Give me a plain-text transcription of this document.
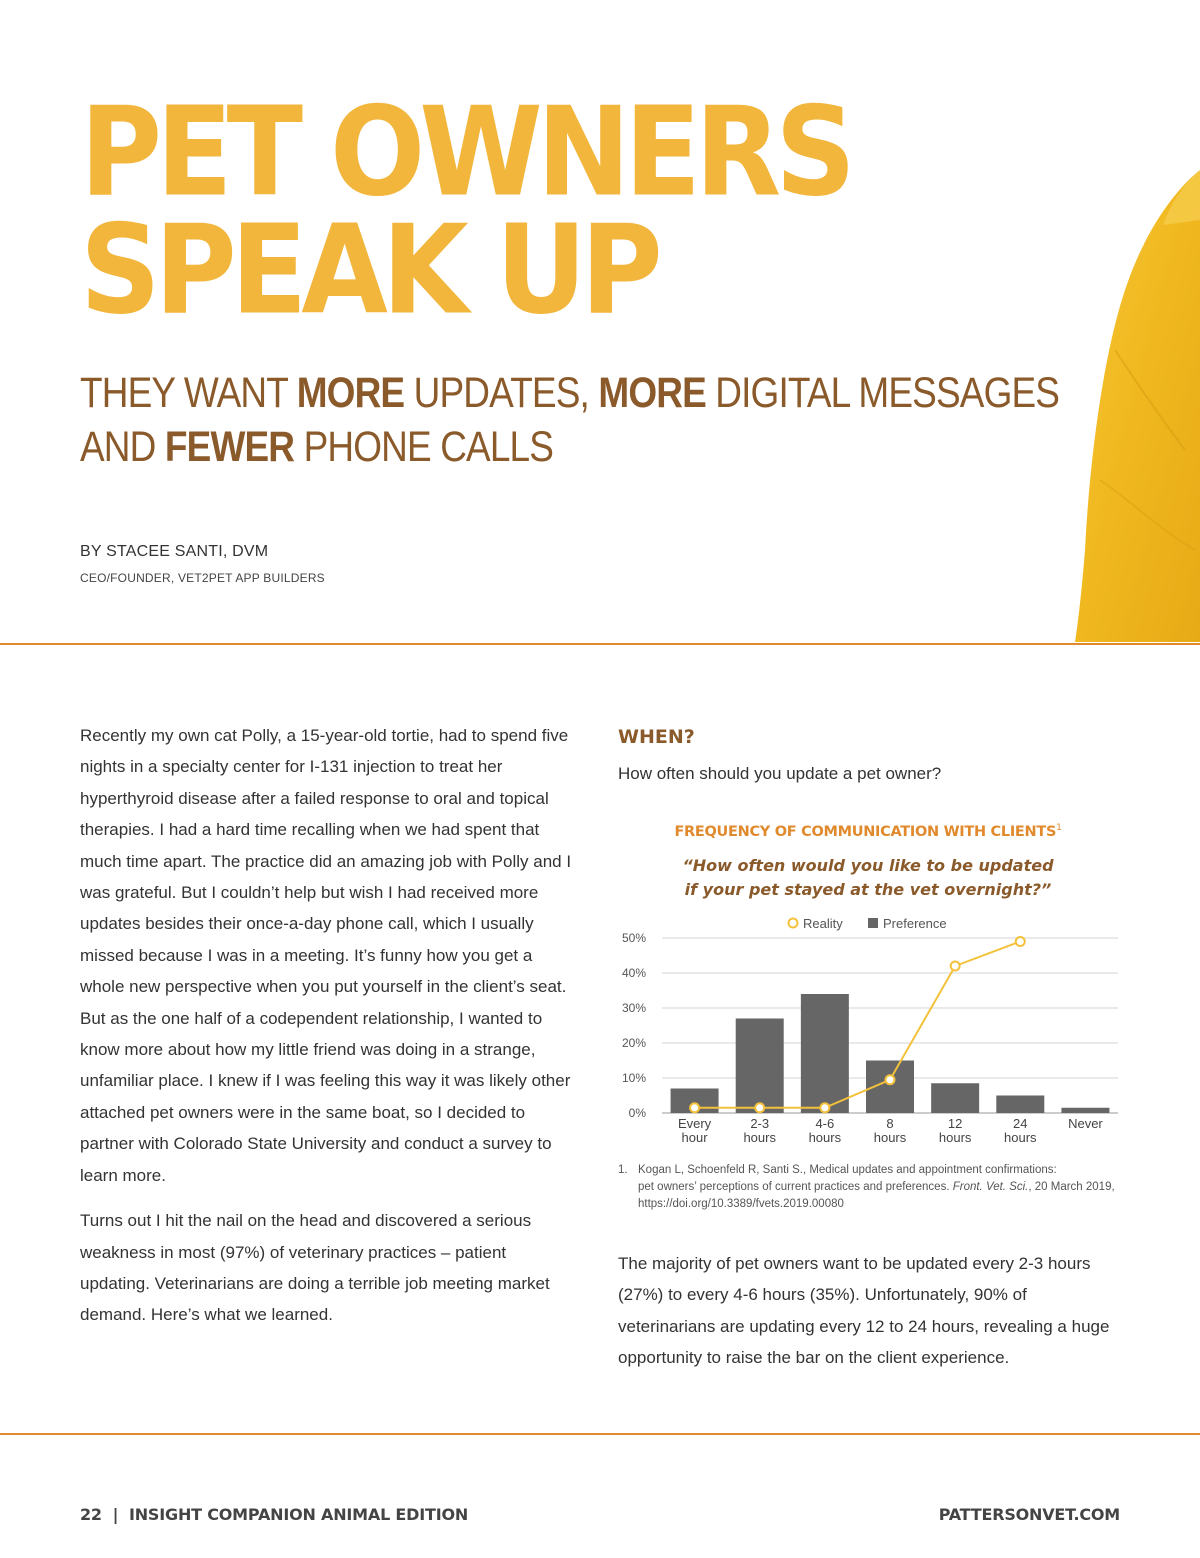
PET OWNERS
SPEAK UP
THEY WANT MORE UPDATES, MORE DIGITAL MESSAGES
AND FEWER PHONE CALLS
BY STACEE SANTI, DVM
CEO/FOUNDER, VET2PET APP BUILDERS

Recently my own cat Polly, a 15-year-old tortie, had to spend five nights in a specialty center for I-131 injection to treat her hyperthyroid disease after a failed response to oral and topical therapies. I had a hard time recalling when we had spent that much time apart. The practice did an amazing job with Polly and I was grateful. But I couldn’t help but wish I had received more updates besides their once-a-day phone call, which I usually missed because I was in a meeting. It’s funny how you get a whole new perspective when you put yourself in the client’s seat. But as the one half of a codependent relationship, I wanted to know more about how my little friend was doing in a strange, unfamiliar place. I knew if I was feeling this way it was likely other attached pet owners were in the same boat, so I decided to partner with Colorado State University and conduct a survey to learn more.

Turns out I hit the nail on the head and discovered a serious weakness in most (97%) of veterinary practices – patient updating. Veterinarians are doing a terrible job meeting market demand. Here’s what we learned.

WHEN?
How often should you update a pet owner?
FREQUENCY OF COMMUNICATION WITH CLIENTS$^1$
“How often would you like to be updated
if your pet stayed at the vet overnight?”
Reality	Preference
0%
10%
20%
30%
40%
50%
Every
hour
2-3
hours
4-6
hours
8
hours
12
hours
24
hours
Never
1. Kogan L, Schoenfeld R, Santi S., Medical updates and appointment confirmations:
pet owners’ perceptions of current practices and preferences. Front. Vet. Sci., 20 March 2019,
https://doi.org/10.3389/fvets.2019.00080

The majority of pet owners want to be updated every 2-3 hours (27%) to every 4-6 hours (35%). Unfortunately, 90% of veterinarians are updating every 12 to 24 hours, revealing a huge opportunity to raise the bar on the client experience.

22  |  INSIGHT COMPANION ANIMAL EDITION	PATTERSONVET.COM
